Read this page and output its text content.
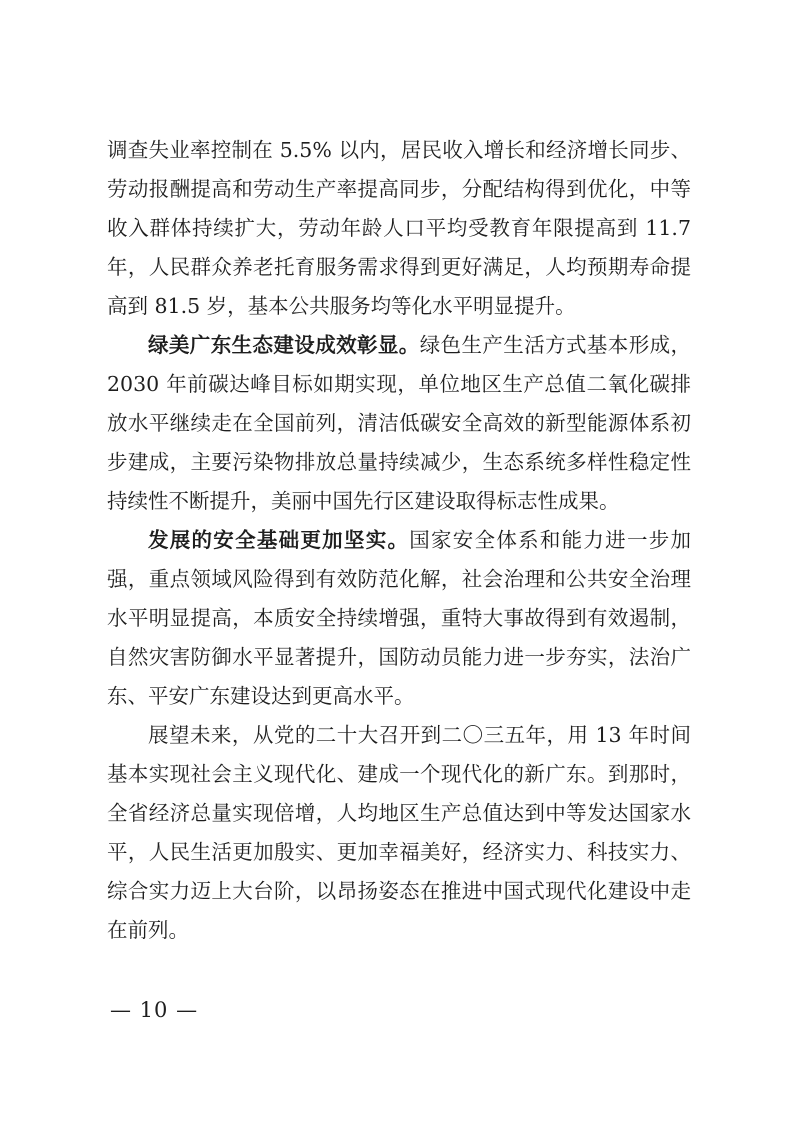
调查失业率控制在 5.5% 以内，居民收入增长和经济增长同步、
劳动报酬提高和劳动生产率提高同步，分配结构得到优化，中等
收入群体持续扩大，劳动年龄人口平均受教育年限提高到 11.7
年，人民群众养老托育服务需求得到更好满足，人均预期寿命提
高到 81.5 岁，基本公共服务均等化水平明显提升。
绿美广东生态建设成效彰显。绿色生产生活方式基本形成，
2030 年前碳达峰目标如期实现，单位地区生产总值二氧化碳排
放水平继续走在全国前列，清洁低碳安全高效的新型能源体系初
步建成，主要污染物排放总量持续减少，生态系统多样性稳定性
持续性不断提升，美丽中国先行区建设取得标志性成果。
发展的安全基础更加坚实。国家安全体系和能力进一步加
强，重点领域风险得到有效防范化解，社会治理和公共安全治理
水平明显提高，本质安全持续增强，重特大事故得到有效遏制，
自然灾害防御水平显著提升，国防动员能力进一步夯实，法治广
东、平安广东建设达到更高水平。
展望未来，从党的二十大召开到二〇三五年，用 13 年时间
基本实现社会主义现代化、建成一个现代化的新广东。到那时，
全省经济总量实现倍增，人均地区生产总值达到中等发达国家水
平，人民生活更加殷实、更加幸福美好，经济实力、科技实力、
综合实力迈上大台阶，以昂扬姿态在推进中国式现代化建设中走
在前列。
— 10 —
